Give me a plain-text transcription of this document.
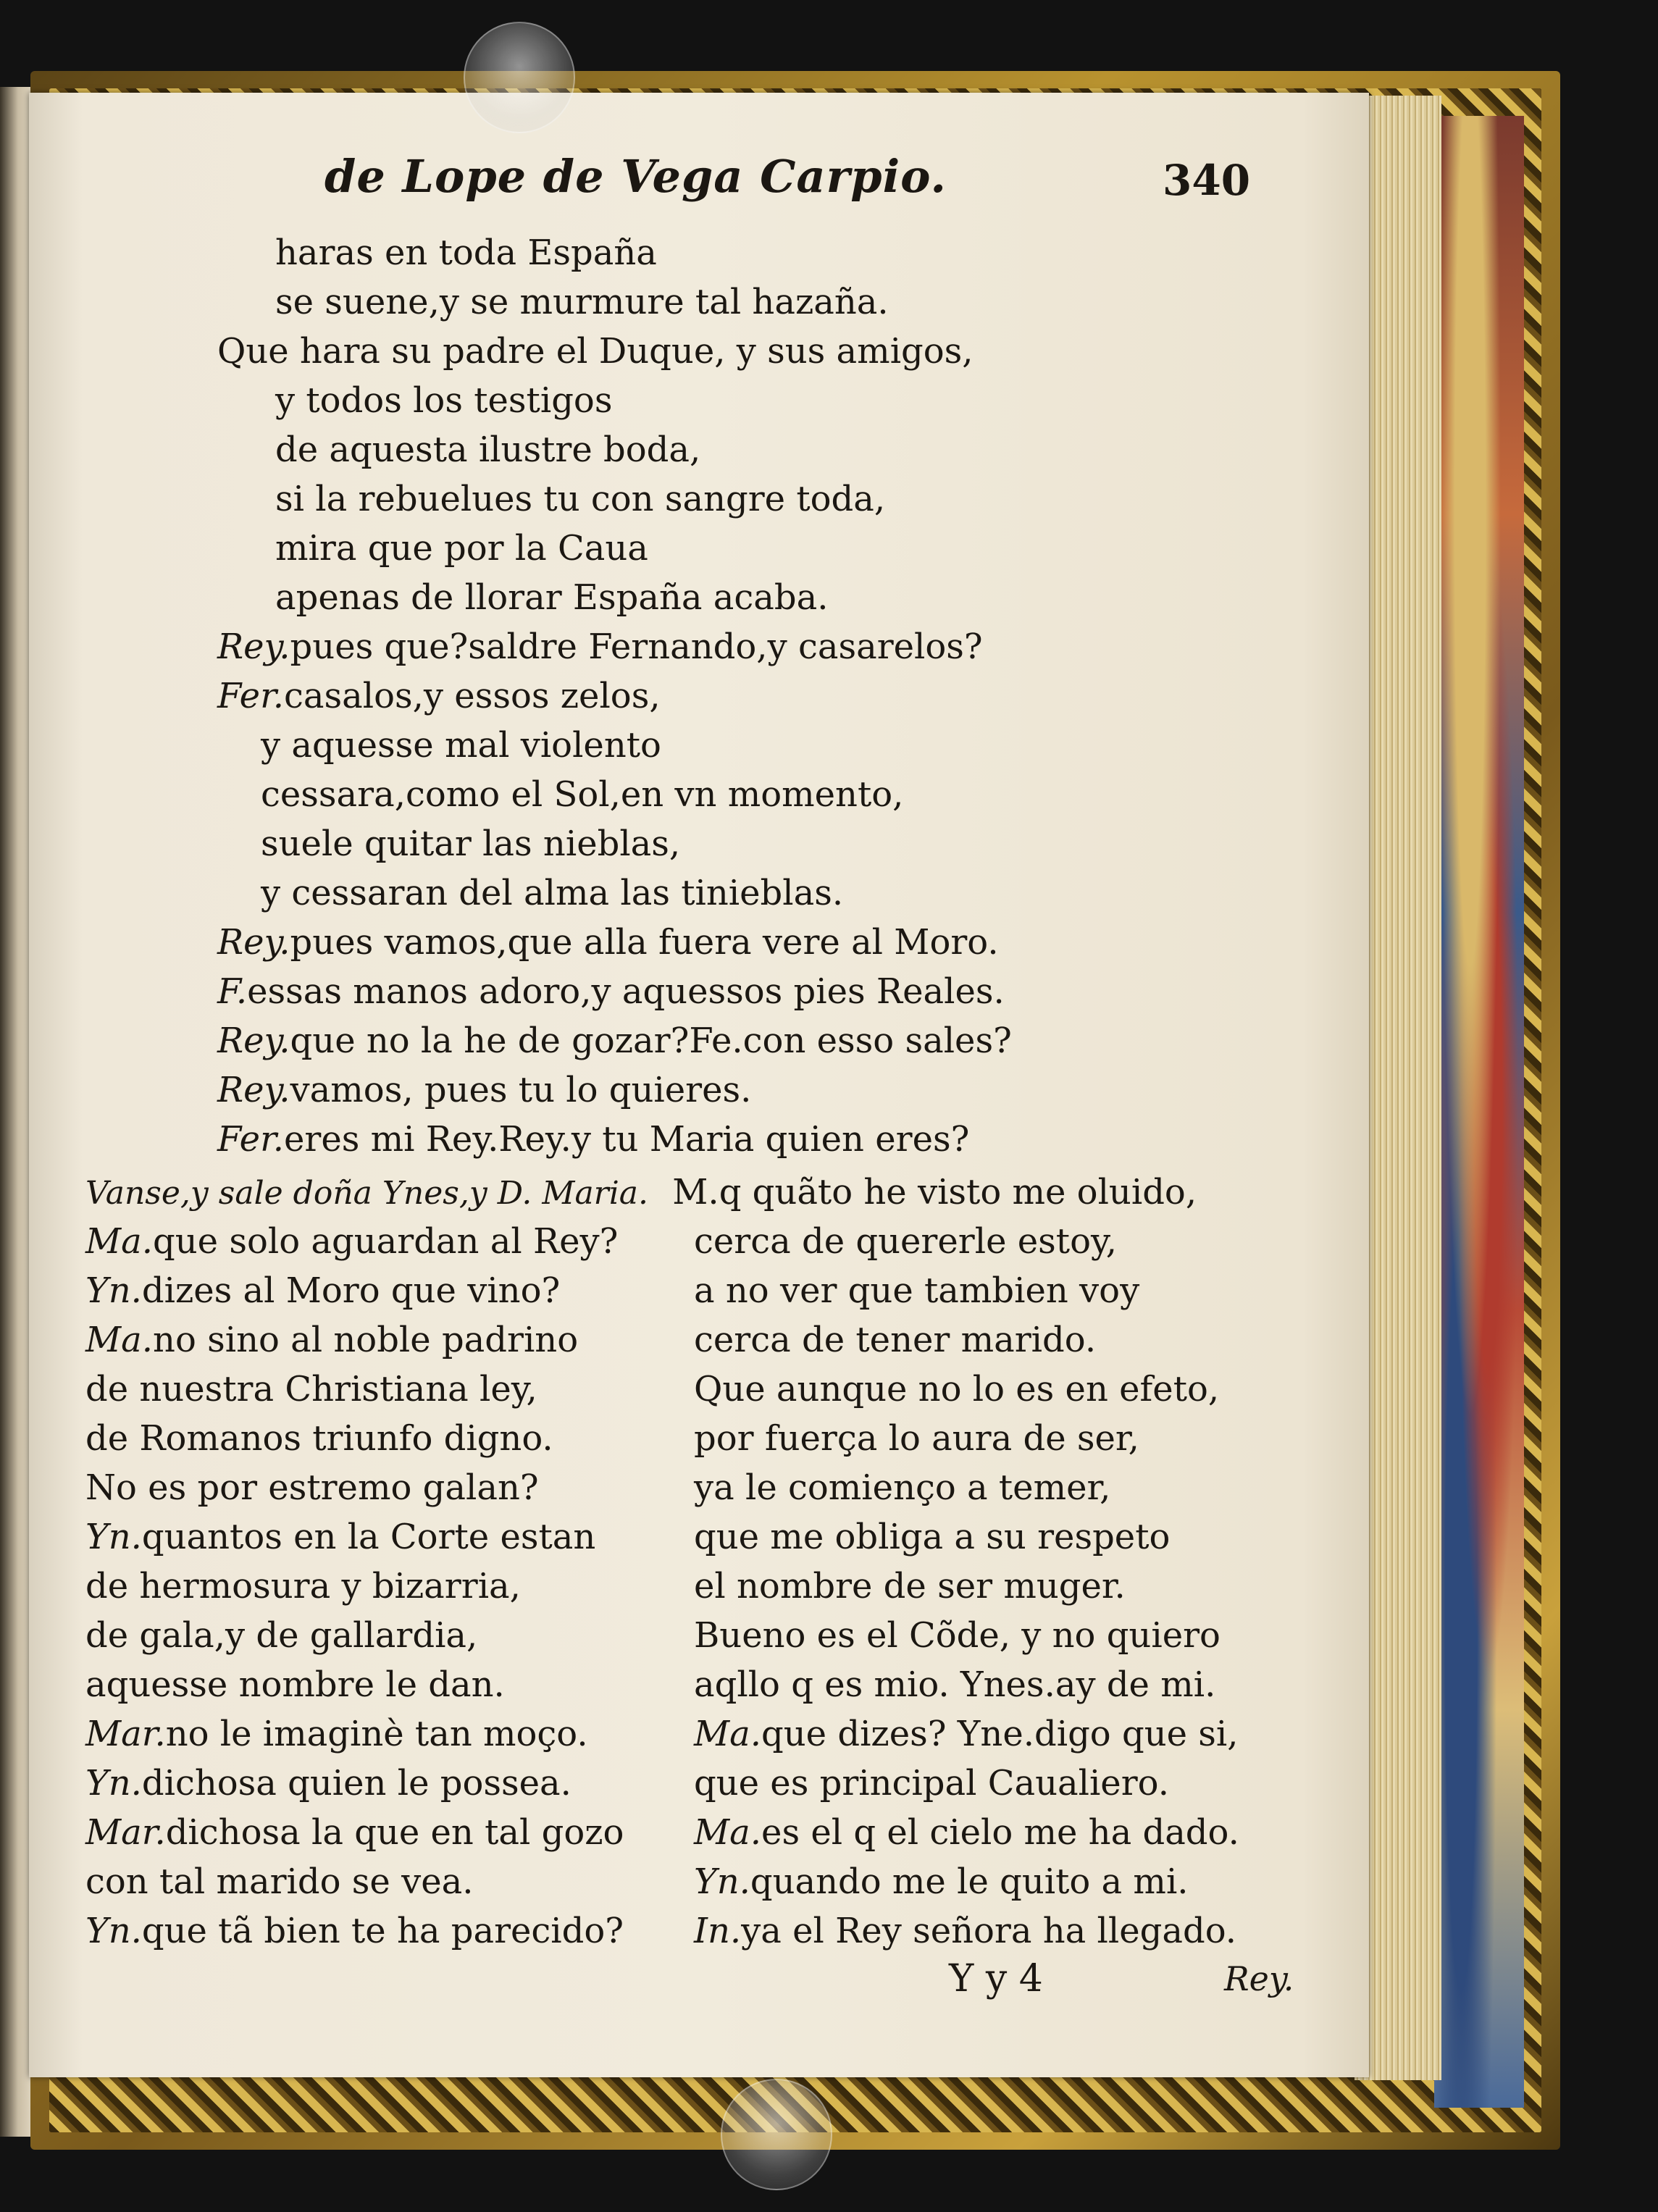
de Lope de Vega Carpio.	340
haras en toda España
se suene,y se murmure tal hazaña.
Que hara su padre el Duque, y sus amigos,
y todos los testigos
de aquesta ilustre boda,
si la rebuelues tu con sangre toda,
mira que por la Caua
apenas de llorar España acaba.
Rey.pues que?saldre Fernando,y casarelos?
Fer.casalos,y essos zelos,
y aquesse mal violento
cessara,como el Sol,en vn momento,
suele quitar las nieblas,
y cessaran del alma las tinieblas.
Rey.pues vamos,que alla fuera vere al Moro.
F.essas manos adoro,y aquessos pies Reales.
Rey.que no la he de gozar?Fe.con esso sales?
Rey.vamos, pues tu lo quieres.
Fer.eres mi Rey.Rey.y tu Maria quien eres?
Vanse,y sale doña Ynes,y D. Maria. M.q quãto he visto me oluido,
Ma.que solo aguardan al Rey?
Yn.dizes al Moro que vino?
Ma.no sino al noble padrino
de nuestra Christiana ley,
de Romanos triunfo digno.
No es por estremo galan?
Yn.quantos en la Corte estan
de hermosura y bizarria,
de gala,y de gallardia,
aquesse nombre le dan.
Mar.no le imaginè tan moço.
Yn.dichosa quien le possea.
Mar.dichosa la que en tal gozo
con tal marido se vea.
Yn.que tã bien te ha parecido?
cerca de quererle estoy,
a no ver que tambien voy
cerca de tener marido.
Que aunque no lo es en efeto,
por fuerça lo aura de ser,
ya le comienço a temer,
que me obliga a su respeto
el nombre de ser muger.
Bueno es el Cõde, y no quiero
aqllo q es mio. Ynes.ay de mi.
Ma.que dizes? Yne.digo que si,
que es principal Caualiero.
Ma.es el q el cielo me ha dado.
Yn.quando me le quito a mi.
In.ya el Rey señora ha llegado.
Y y 4	Rey.
